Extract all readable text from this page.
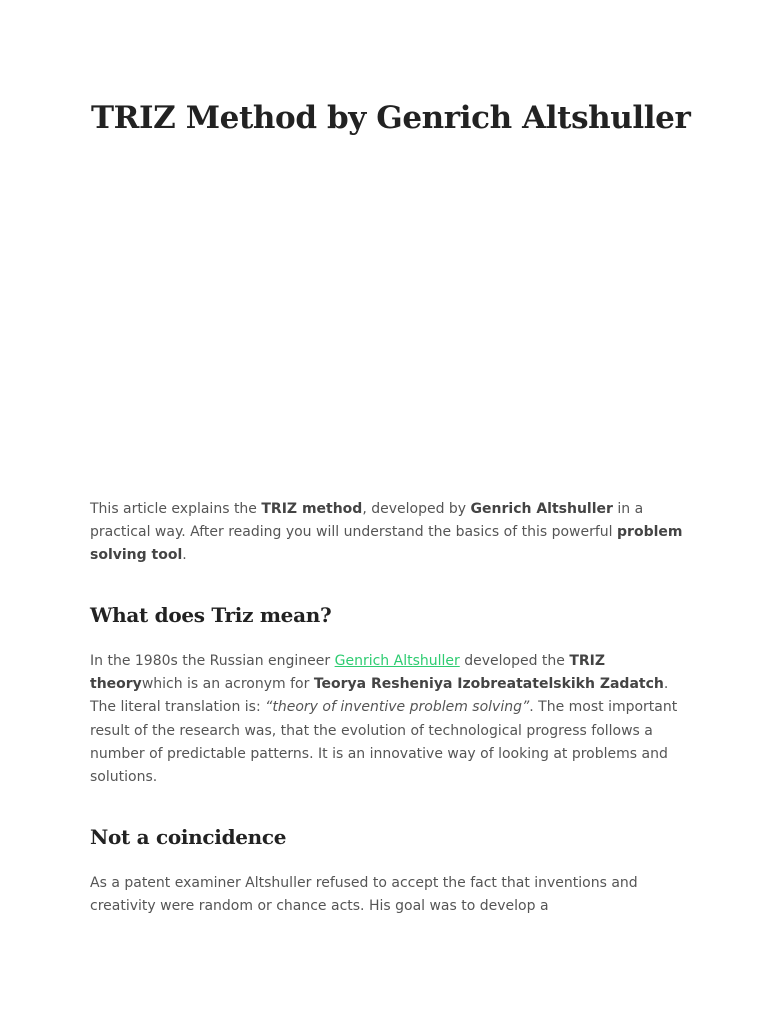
TRIZ Method by Genrich Altshuller

This article explains the TRIZ method, developed by Genrich Altshuller in a practical way. After reading you will understand the basics of this powerful problem solving tool.

What does Triz mean?

In the 1980s the Russian engineer Genrich Altshuller developed the TRIZ theorywhich is an acronym for Teorya Resheniya Izobreatatelskikh Zadatch. The literal translation is: “theory of inventive problem solving”. The most important result of the research was, that the evolution of technological progress follows a number of predictable patterns. It is an innovative way of looking at problems and solutions.

Not a coincidence

As a patent examiner Altshuller refused to accept the fact that inventions and creativity were random or chance acts. His goal was to develop a
